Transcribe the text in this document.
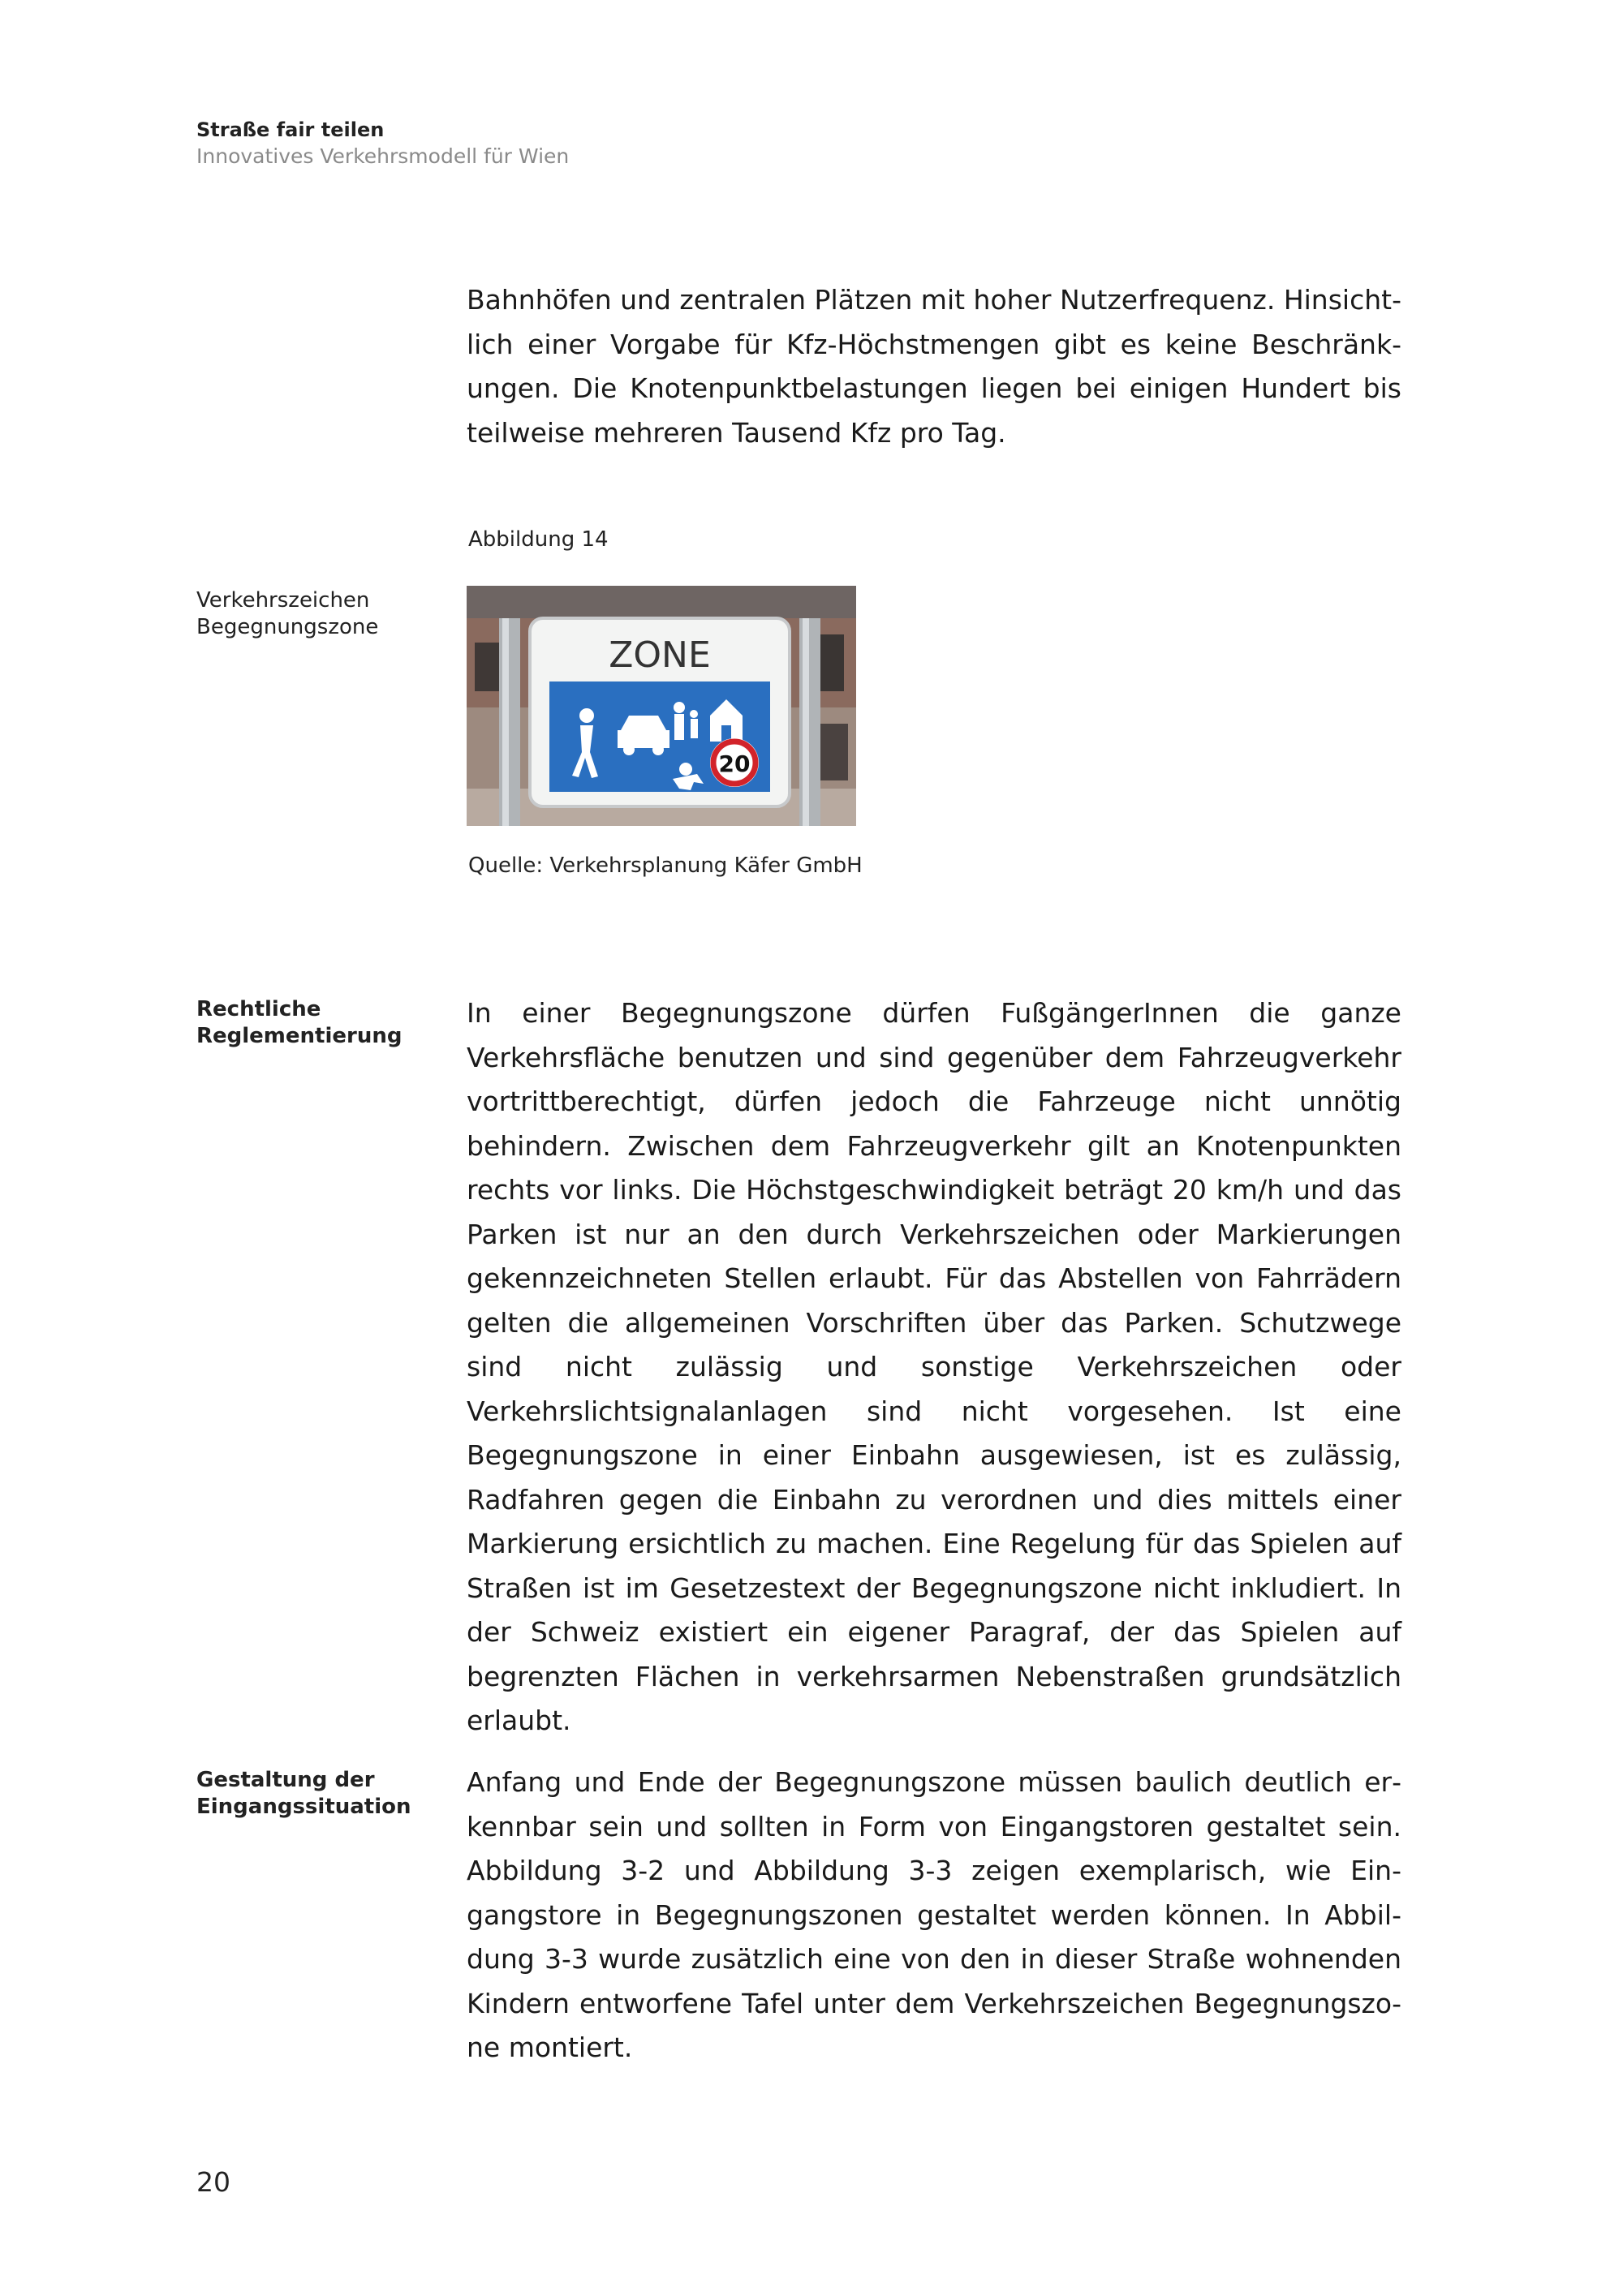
Straße fair teilen

Innovatives Verkehrsmodell für Wien

Bahnhöfen und zentralen Plätzen mit hoher Nutzerfrequenz. Hinsichtlich einer Vorgabe für Kfz-Höchstmengen gibt es keine Beschränkungen. Die Knotenpunktbelastungen liegen bei einigen Hundert bis teilweise mehreren Tausend Kfz pro Tag.

Abbildung 14

Verkehrszeichen Begegnungszone

ZONE
20

Quelle: Verkehrsplanung Käfer GmbH

Rechtliche Reglementierung

In einer Begegnungszone dürfen FußgängerInnen die ganze Verkehrsfläche benutzen und sind gegenüber dem Fahrzeugverkehr vortrittberechtigt, dürfen jedoch die Fahrzeuge nicht unnötig behindern. Zwischen dem Fahrzeugverkehr gilt an Knotenpunkten rechts vor links. Die Höchstgeschwindigkeit beträgt 20 km/h und das Parken ist nur an den durch Verkehrszeichen oder Markierungen gekennzeichneten Stellen erlaubt. Für das Abstellen von Fahrrädern gelten die allgemeinen Vorschriften über das Parken. Schutzwege sind nicht zulässig und sonstige Verkehrszeichen oder Verkehrslichtsignalanlagen sind nicht vorgesehen. Ist eine Begegnungszone in einer Einbahn ausgewiesen, ist es zulässig, Radfahren gegen die Einbahn zu verordnen und dies mittels einer Markierung ersichtlich zu machen. Eine Regelung für das Spielen auf Straßen ist im Gesetzestext der Begegnungszone nicht inkludiert. In der Schweiz existiert ein eigener Paragraf, der das Spielen auf begrenzten Flächen in verkehrsarmen Nebenstraßen grundsätzlich erlaubt.

Gestaltung der Eingangssituation

Anfang und Ende der Begegnungszone müssen baulich deutlich erkennbar sein und sollten in Form von Eingangstoren gestaltet sein. Abbildung 3-2 und Abbildung 3-3 zeigen exemplarisch, wie Eingangstore in Begegnungszonen gestaltet werden können. In Abbildung 3-3 wurde zusätzlich eine von den in dieser Straße wohnenden Kindern entworfene Tafel unter dem Verkehrszeichen Begegnungszone montiert.

20
